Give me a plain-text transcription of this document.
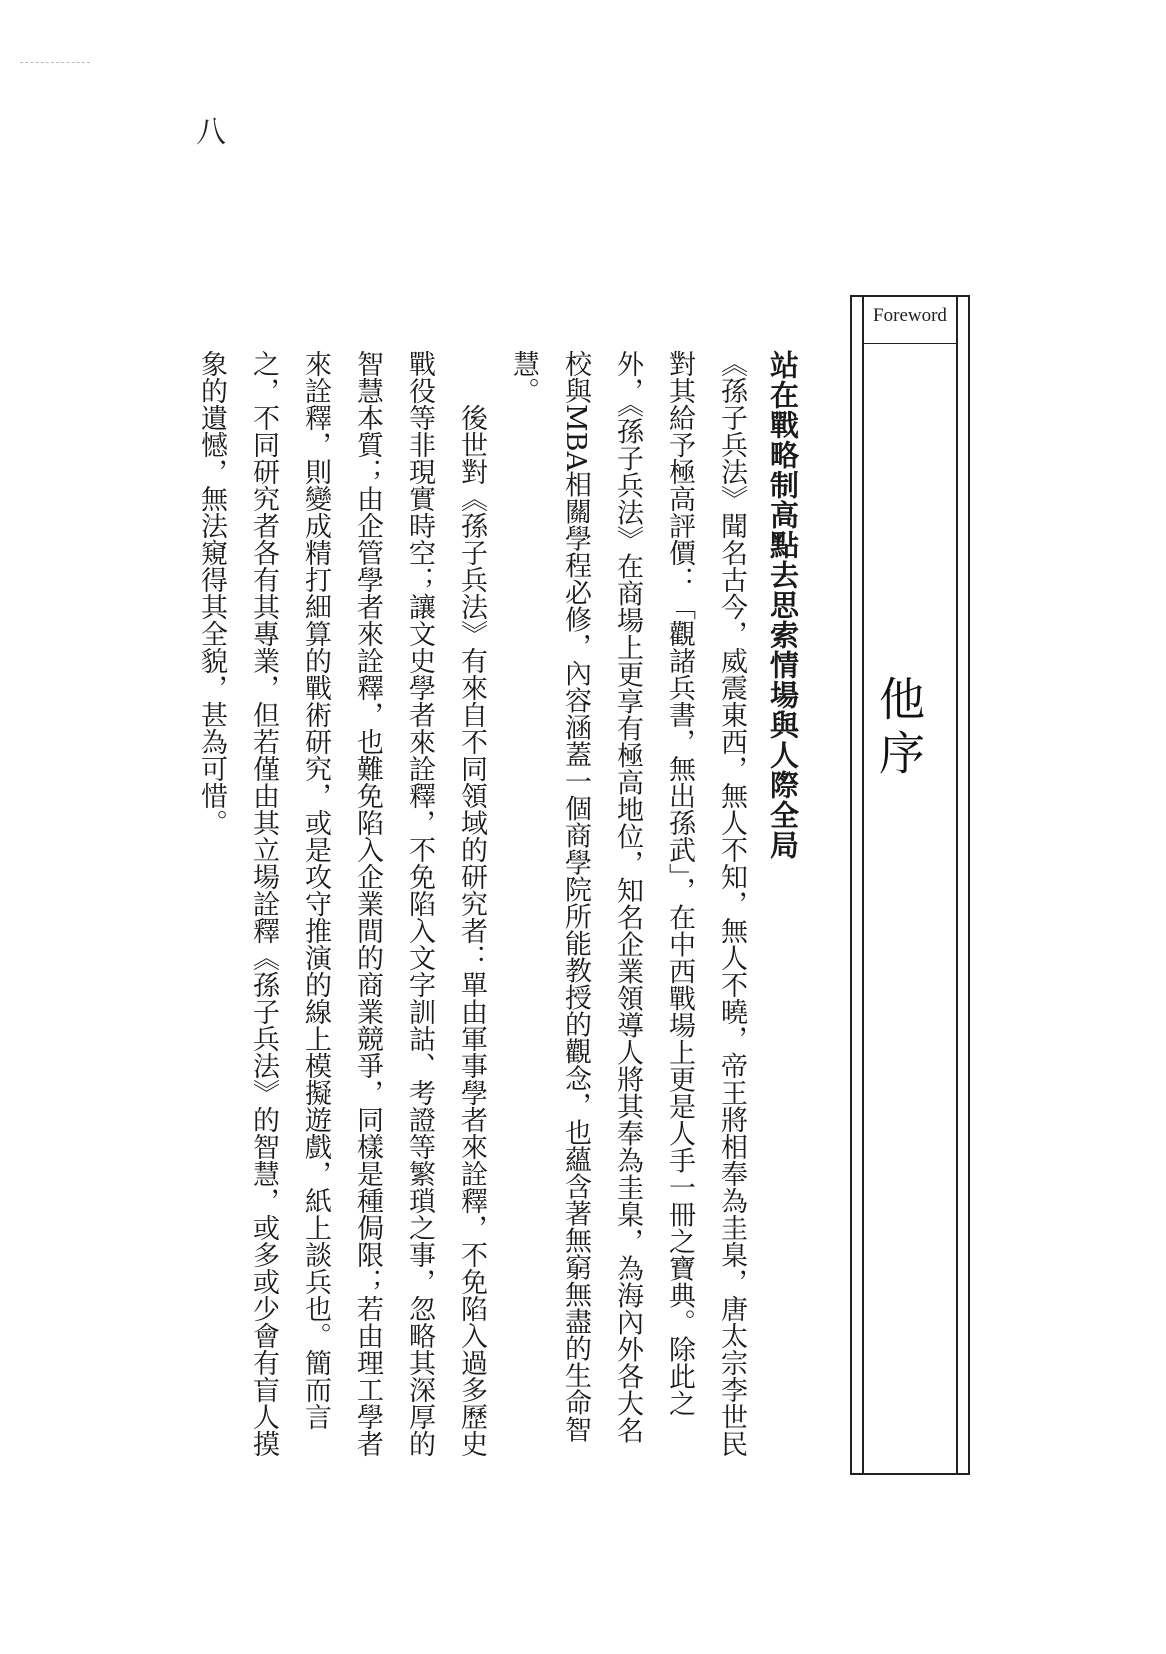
八
Foreword
他序

站在戰略制高點去思索情場與人際全局

《孫子兵法》聞名古今，威震東西，無人不知，無人不曉，帝王將相奉為圭臬，唐太宗李世民對其給予極高評價：「觀諸兵書，無出孫武」，在中西戰場上更是人手一冊之寶典。除此之外，《孫子兵法》在商場上更享有極高地位，知名企業領導人將其奉為圭臬，為海內外各大名校與MBA相關學程必修，內容涵蓋一個商學院所能教授的觀念，也蘊含著無窮無盡的生命智慧。

後世對《孫子兵法》有來自不同領域的研究者：單由軍事學者來詮釋，不免陷入過多歷史戰役等非現實時空；讓文史學者來詮釋，不免陷入文字訓詁、考證等繁瑣之事，忽略其深厚的智慧本質；由企管學者來詮釋，也難免陷入企業間的商業競爭，同樣是種侷限；若由理工學者來詮釋，則變成精打細算的戰術研究，或是攻守推演的線上模擬遊戲，紙上談兵也。簡而言之，不同研究者各有其專業，但若僅由其立場詮釋《孫子兵法》的智慧，或多或少會有盲人摸象的遺憾，無法窺得其全貌，甚為可惜。
